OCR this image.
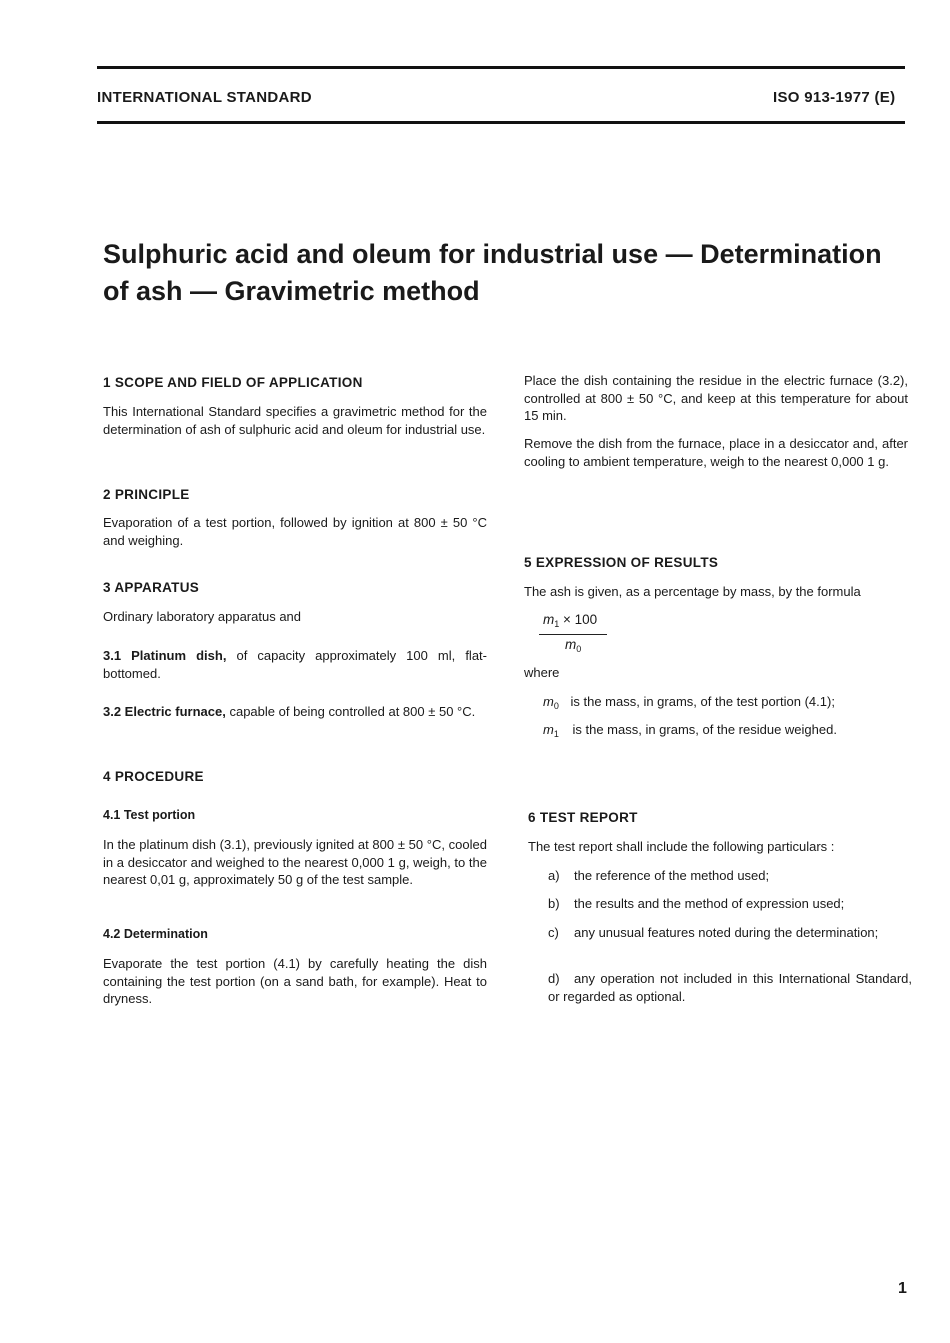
INTERNATIONAL STANDARD	ISO 913-1977 (E)
Sulphuric acid and oleum for industrial use — Determination of ash — Gravimetric method
1 SCOPE AND FIELD OF APPLICATION

This International Standard specifies a gravimetric method for the determination of ash of sulphuric acid and oleum for industrial use.

2 PRINCIPLE

Evaporation of a test portion, followed by ignition at 800 ± 50 °C and weighing.

3 APPARATUS

Ordinary laboratory apparatus and

3.1 Platinum dish, of capacity approximately 100 ml, flat-bottomed.

3.2 Electric furnace, capable of being controlled at 800 ± 50 °C.

4 PROCEDURE
4.1 Test portion

In the platinum dish (3.1), previously ignited at 800 ± 50 °C, cooled in a desiccator and weighed to the nearest 0,000 1 g, weigh, to the nearest 0,01 g, approximately 50 g of the test sample.

4.2 Determination

Evaporate the test portion (4.1) by carefully heating the dish containing the test portion (on a sand bath, for example). Heat to dryness.

Place the dish containing the residue in the electric furnace (3.2), controlled at 800 ± 50 °C, and keep at this temperature for about 15 min.

Remove the dish from the furnace, place in a desiccator and, after cooling to ambient temperature, weigh to the nearest 0,000 1 g.

5 EXPRESSION OF RESULTS

The ash is given, as a percentage by mass, by the formula

$m_1 \times 100$
$m_0$

where

$m_0$ is the mass, in grams, of the test portion (4.1);
$m_1$ is the mass, in grams, of the residue weighed.
6 TEST REPORT

The test report shall include the following particulars :

a) the reference of the method used;
b) the results and the method of expression used;
c) any unusual features noted during the determination;
d) any operation not included in this International Standard, or regarded as optional.
1
